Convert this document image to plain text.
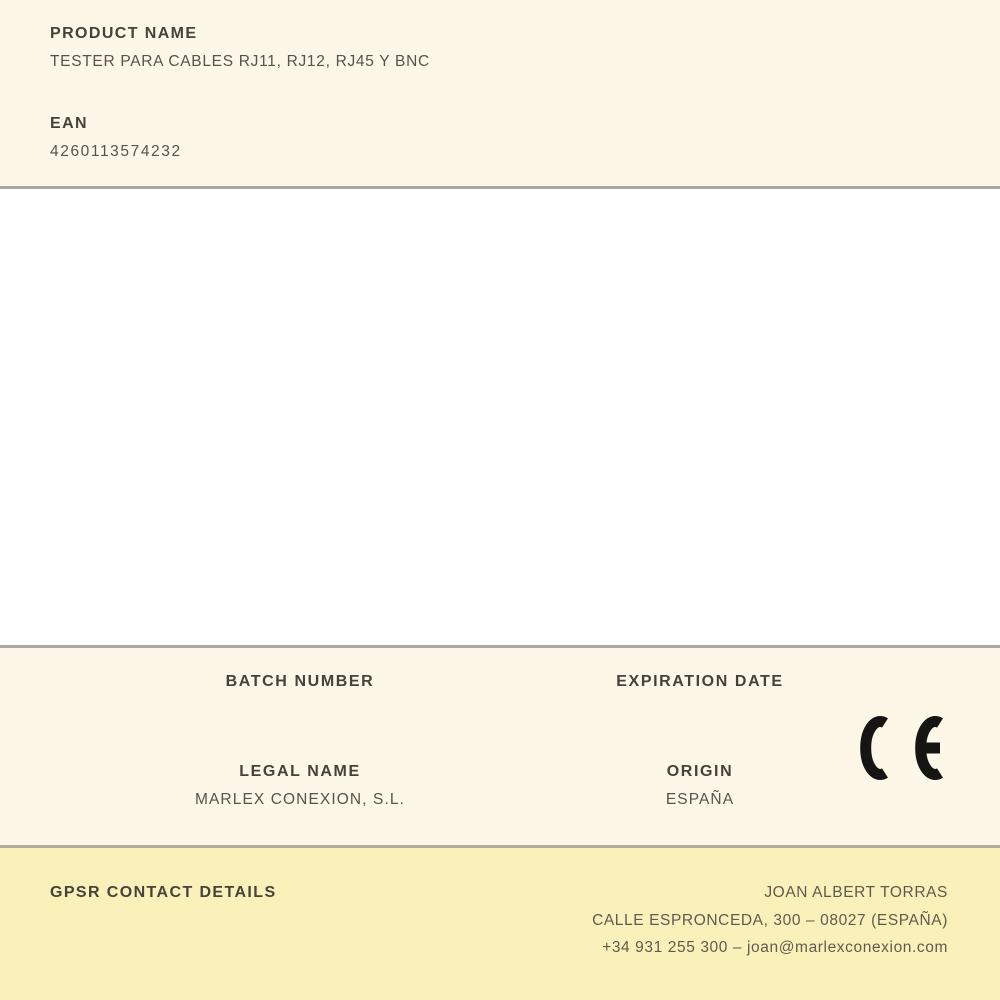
PRODUCT NAME
TESTER PARA CABLES RJ11, RJ12, RJ45 Y BNC
EAN
4260113574232
BATCH NUMBER
LEGAL NAME
MARLEX CONEXION, S.L.
EXPIRATION DATE
ORIGIN
ESPAÑA
GPSR CONTACT DETAILS	JOAN ALBERT TORRAS
CALLE ESPRONCEDA, 300 – 08027 (ESPAÑA)
+34 931 255 300 – joan@marlexconexion.com
